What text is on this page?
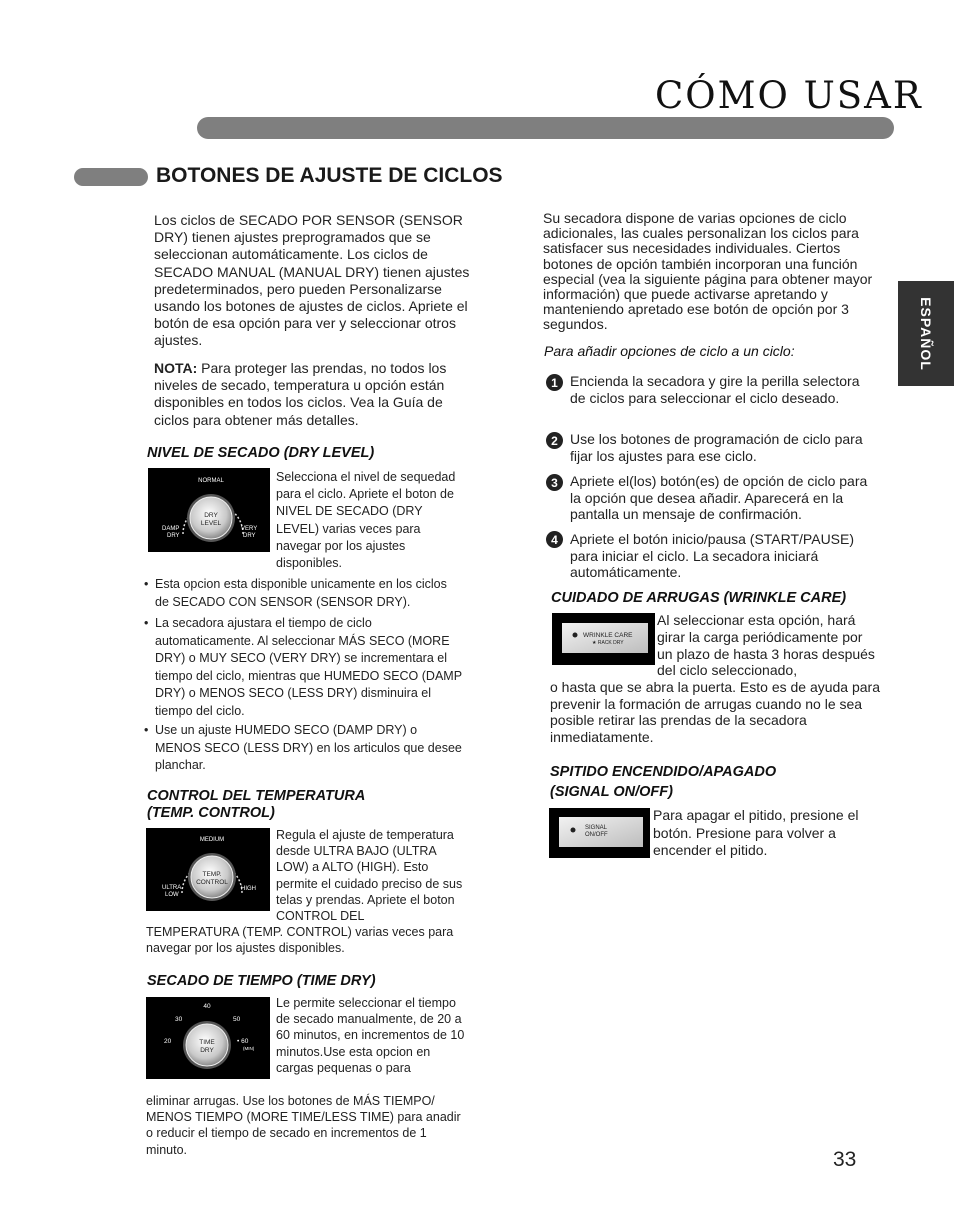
CÓMO USAR
BOTONES DE AJUSTE DE CICLOS
ESPAÑOL
Los ciclos de SECADO POR SENSOR (SENSOR DRY) tienen ajustes preprogramados que se seleccionan automáticamente. Los ciclos de SECADO MANUAL (MANUAL DRY) tienen ajustes predeterminados, pero pueden Personalizarse usando los botones de ajustes de ciclos. Apriete el botón de esa opción para ver y seleccionar otros ajustes.
NOTA: Para proteger las prendas, no todos los niveles de secado, temperatura u opción están disponibles en todos los ciclos. Vea la Guía de ciclos para obtener más detalles.
NIVEL DE SECADO (DRY LEVEL)
NORMAL
DAMP
DRY
VERY
DRY
DRY
LEVEL
Selecciona el nivel de sequedad para el ciclo. Apriete el boton de NIVEL DE SECADO (DRY LEVEL) varias veces para navegar por los ajustes disponibles.
• Esta opcion esta disponible unicamente en los ciclos de SECADO CON SENSOR (SENSOR DRY).
• La secadora ajustara el tiempo de ciclo automaticamente. Al seleccionar MÁS SECO (MORE DRY) o MUY SECO (VERY DRY) se incrementara el tiempo del ciclo, mientras que HUMEDO SECO (DAMP DRY) o MENOS SECO (LESS DRY) disminuira el tiempo del ciclo.
• Use un ajuste HUMEDO SECO (DAMP DRY) o MENOS SECO (LESS DRY) en los articulos que desee planchar.
CONTROL DEL TEMPERATURA
(TEMP. CONTROL)
MEDIUM
ULTRA
LOW
HIGH
TEMP.
CONTROL
Regula el ajuste de temperatura desde ULTRA BAJO (ULTRA LOW) a ALTO (HIGH). Esto permite el cuidado preciso de sus telas y prendas. Apriete el boton CONTROL DEL
TEMPERATURA (TEMP. CONTROL) varias veces para navegar por los ajustes disponibles.
SECADO DE TIEMPO (TIME DRY)
40
30	50
20	• 60
(MIN)
TIME
DRY
Le permite seleccionar el tiempo de secado manualmente, de 20 a 60 minutos, en incrementos de 10 minutos.Use esta opcion en cargas pequenas o para
eliminar arrugas. Use los botones de MÁS TIEMPO/ MENOS TIEMPO (MORE TIME/LESS TIME) para anadir o reducir el tiempo de secado en incrementos de 1 minuto.
Su secadora dispone de varias opciones de ciclo adicionales, las cuales personalizan los ciclos para satisfacer sus necesidades individuales. Ciertos botones de opción también incorporan una función especial (vea la siguiente página para obtener mayor información) que puede activarse apretando y manteniendo apretado ese botón de opción por 3 segundos.
Para añadir opciones de ciclo a un ciclo:
1 Encienda la secadora y gire la perilla selectora de ciclos para seleccionar el ciclo deseado.
2 Use los botones de programación de ciclo para fijar los ajustes para ese ciclo.
3 Apriete el(los) botón(es) de opción de ciclo para la opción que desea añadir. Aparecerá en la pantalla un mensaje de confirmación.
4 Apriete el botón inicio/pausa (START/PAUSE) para iniciar el ciclo. La secadora iniciará automáticamente.
CUIDADO DE ARRUGAS (WRINKLE CARE)
WRINKLE CARE
★ RACK DRY
Al seleccionar esta opción, hará girar la carga periódicamente por un plazo de hasta 3 horas después del ciclo seleccionado,
o hasta que se abra la puerta. Esto es de ayuda para prevenir la formación de arrugas cuando no le sea posible retirar las prendas de la secadora inmediatamente.
SPITIDO ENCENDIDO/APAGADO
(SIGNAL ON/OFF)
SIGNAL
ON/OFF
Para apagar el pitido, presione el botón. Presione para volver a encender el pitido.
33
